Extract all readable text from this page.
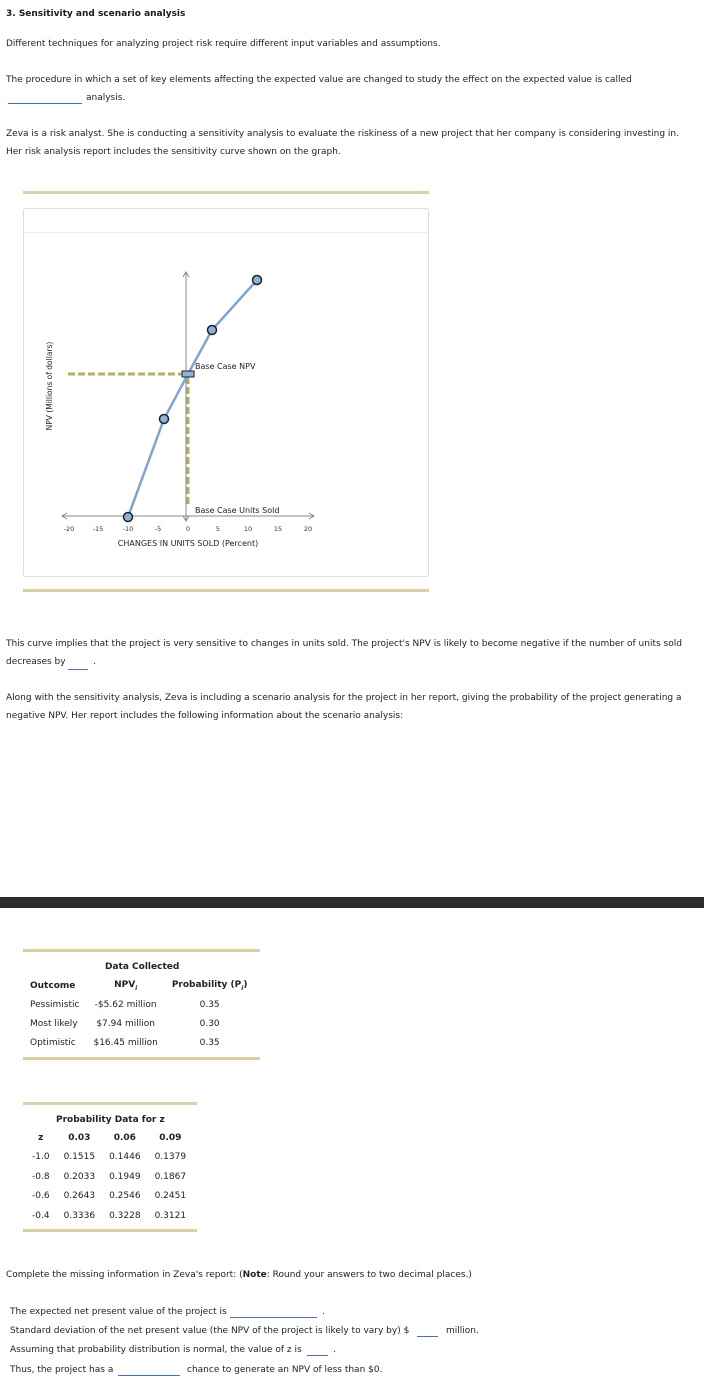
3. Sensitivity and scenario analysis
Different techniques for analyzing project risk require different input variables and assumptions.
The procedure in which a set of key elements affecting the expected value are changed to study the effect on the expected value is called
analysis.
Zeva is a risk analyst. She is conducting a sensitivity analysis to evaluate the riskiness of a new project that her company is considering investing in.
Her risk analysis report includes the sensitivity curve shown on the graph.
Base Case NPV
Base Case Units Sold
-20	-15	-10	-5	0	5	10	15	20
CHANGES IN UNITS SOLD (Percent)
NPV (Millions of dollars)
This curve implies that the project is very sensitive to changes in units sold. The project's NPV is likely to become negative if the number of units sold
decreases by	.
Along with the sensitivity analysis, Zeva is including a scenario analysis for the project in her report, giving the probability of the project generating a
negative NPV. Her report includes the following information about the scenario analysis:
Data Collected
Outcome	$NPV_i$	Probability $(P_i)$
Pessimistic	-$5.62 million	0.35
Most likely	$7.94 million	0.30
Optimistic	$16.45 million	0.35
Probability Data for z
z	0.03	0.06	0.09
-1.0	0.1515	0.1446	0.1379
-0.8	0.2033	0.1949	0.1867
-0.6	0.2643	0.2546	0.2451
-0.4	0.3336	0.3228	0.3121
Complete the missing information in Zeva's report: (Note: Round your answers to two decimal places.)
The expected net present value of the project is	.
Standard deviation of the net present value (the NPV of the project is likely to vary by) $	million.
Assuming that probability distribution is normal, the value of z is	.
Thus, the project has a	chance to generate an NPV of less than $0.
